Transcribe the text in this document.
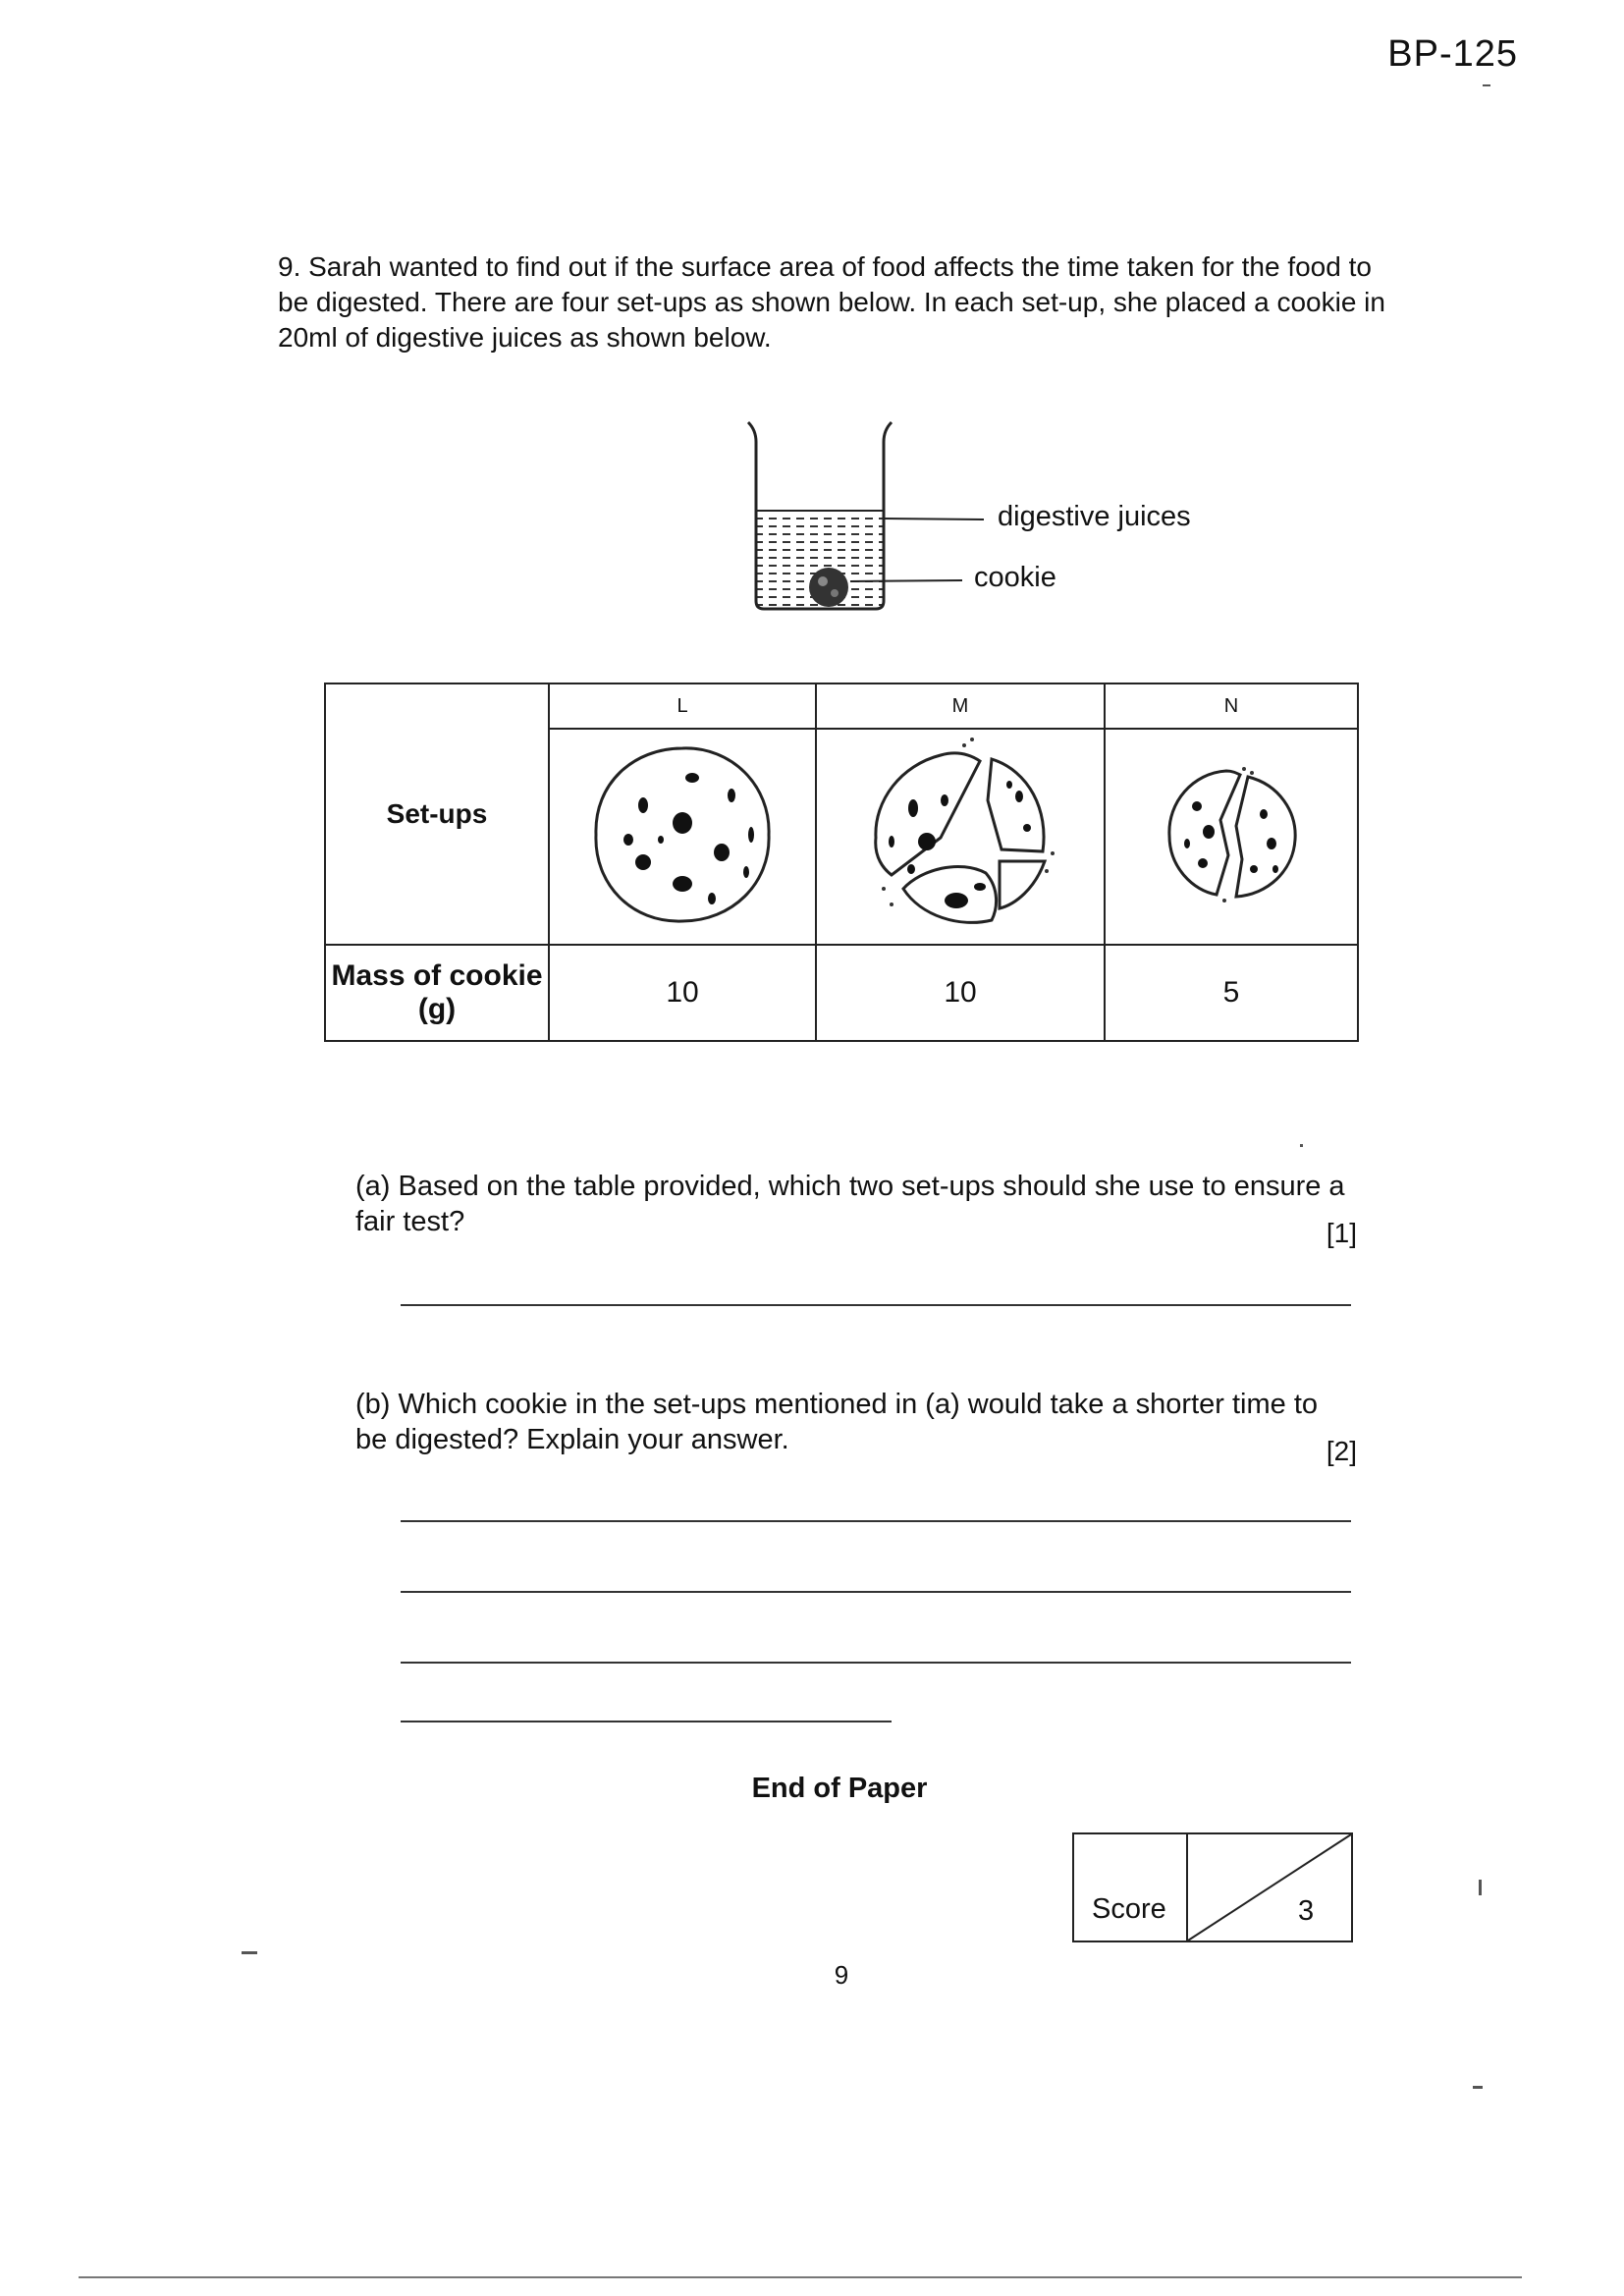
BP-125
9. Sarah wanted to find out if the surface area of food affects the time taken for the food to be digested. There are four set-ups as shown below. In each set-up, she placed a cookie in 20ml of digestive juices as shown below.
digestive juices
cookie
Set-ups	L	M	N

Mass of cookie (g)	10	10	5
(a) Based on the table provided, which two set-ups should she use to ensure a fair test?	[1]
(b) Which cookie in the set-ups mentioned in (a) would take a shorter time to be digested? Explain your answer.	[2]
End of Paper
Score	3
9
